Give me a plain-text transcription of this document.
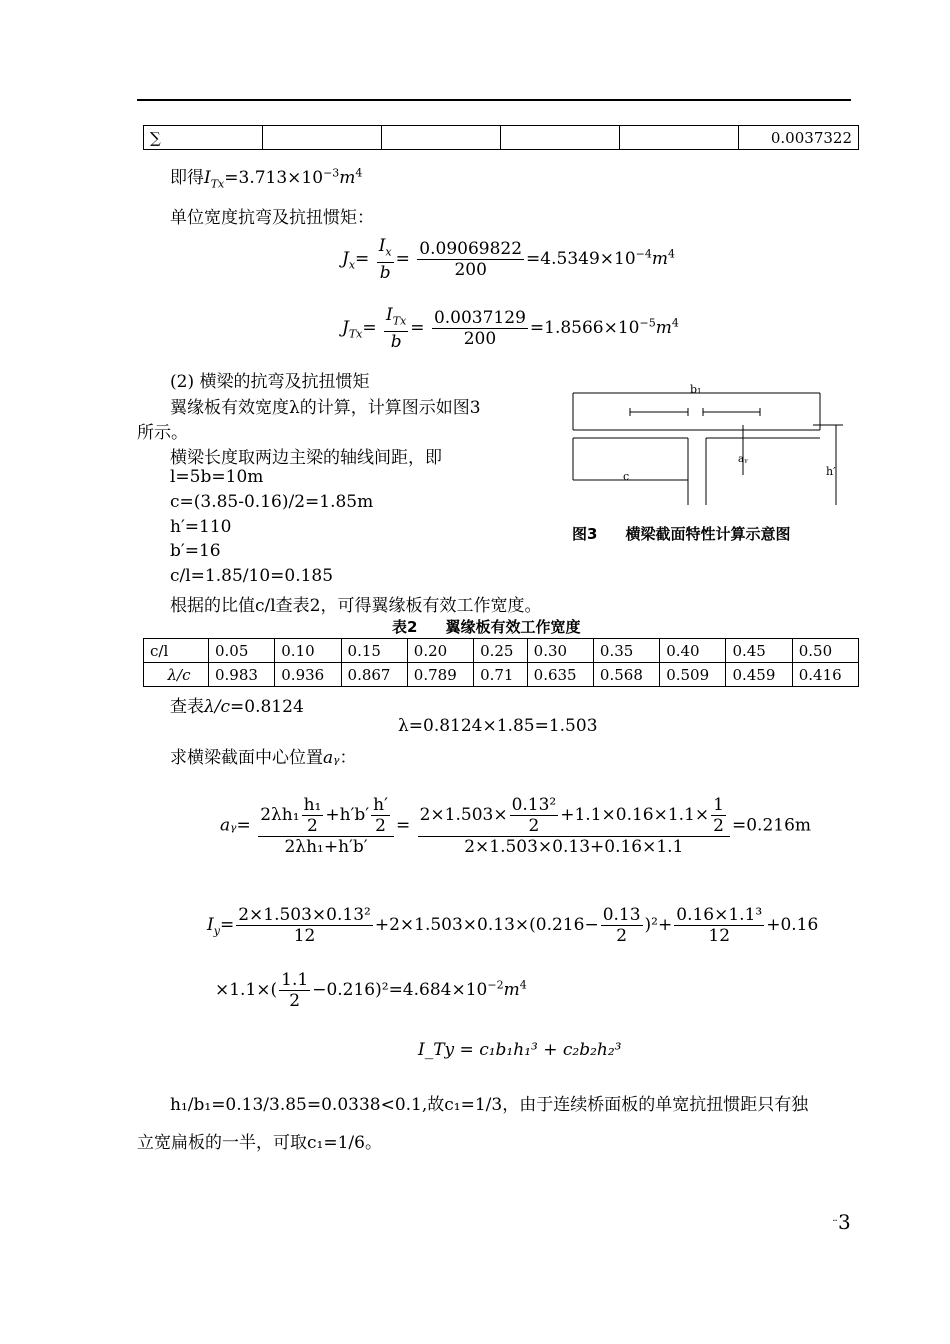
∑					0.0037322
即得$I_{Tx}=3.713\times 10^{-3}m^4$
单位宽度抗弯及抗扭惯矩：
$J_x= \frac{I_x}{b} = \frac{0.09069822}{200} =4.5349\times 10^{-4}m^4$
$J_{Tx}= \frac{I_{Tx}}{b} = \frac{0.0037129}{200} =1.8566\times 10^{-5}m^4$
(2) 横梁的抗弯及抗扭惯矩
翼缘板有效宽度λ的计算，计算图示如图3
所示。
横梁长度取两边主梁的轴线间距，即
l=5b=10m
c=(3.85-0.16)/2=1.85m
h′=110
b′=16
c/l=1.85/10=0.185
根据的比值c/l查表2，可得翼缘板有效工作宽度。
b₁
c
aᵧ
h′
图3 横梁截面特性计算示意图
表2 翼缘板有效工作宽度
c/l	0.05	0.10	0.15	0.20	0.25	0.30	0.35	0.40	0.45	0.50
λ/c	0.983	0.936	0.867	0.789	0.71	0.635	0.568	0.509	0.459	0.416
查表λ/c=0.8124
λ=0.8124×1.85=1.503
求横梁截面中心位置aᵧ：
aᵧ= $\frac{2\lambda h_1 \frac{\text{h₁}}{2} +h'b' \frac{h'}{2}}{\text{2λh₁+h′b′}} = \frac{2\times 1.503\times \frac{\text{0.13²}}{2} +1.1\times 0.16\times 1.1\times \frac{1}{2}}{2\times 1.503\times 0.13+0.16\times 1.1} =0.216m$
$I_y= \frac{\text{2×1.503×0.13²}}{12} +2\times 1.503\times 0.13\times(0.216- \frac{0.13}{2} )^2+ \frac{\text{0.16×1.1³}}{12} +0.16$
$\times 1.1\times( \frac{1.1}{2} -0.216)^2=4.684\times 10^{-2}m^4$
I_Ty = c₁b₁h₁³ + c₂b₂h₂³
h₁/b₁=0.13/3.85=0.0338<0.1,故c₁=1/3，由于连续桥面板的单宽抗扭惯距只有独
立宽扁板的一半，可取c₁=1/6。
¨3
